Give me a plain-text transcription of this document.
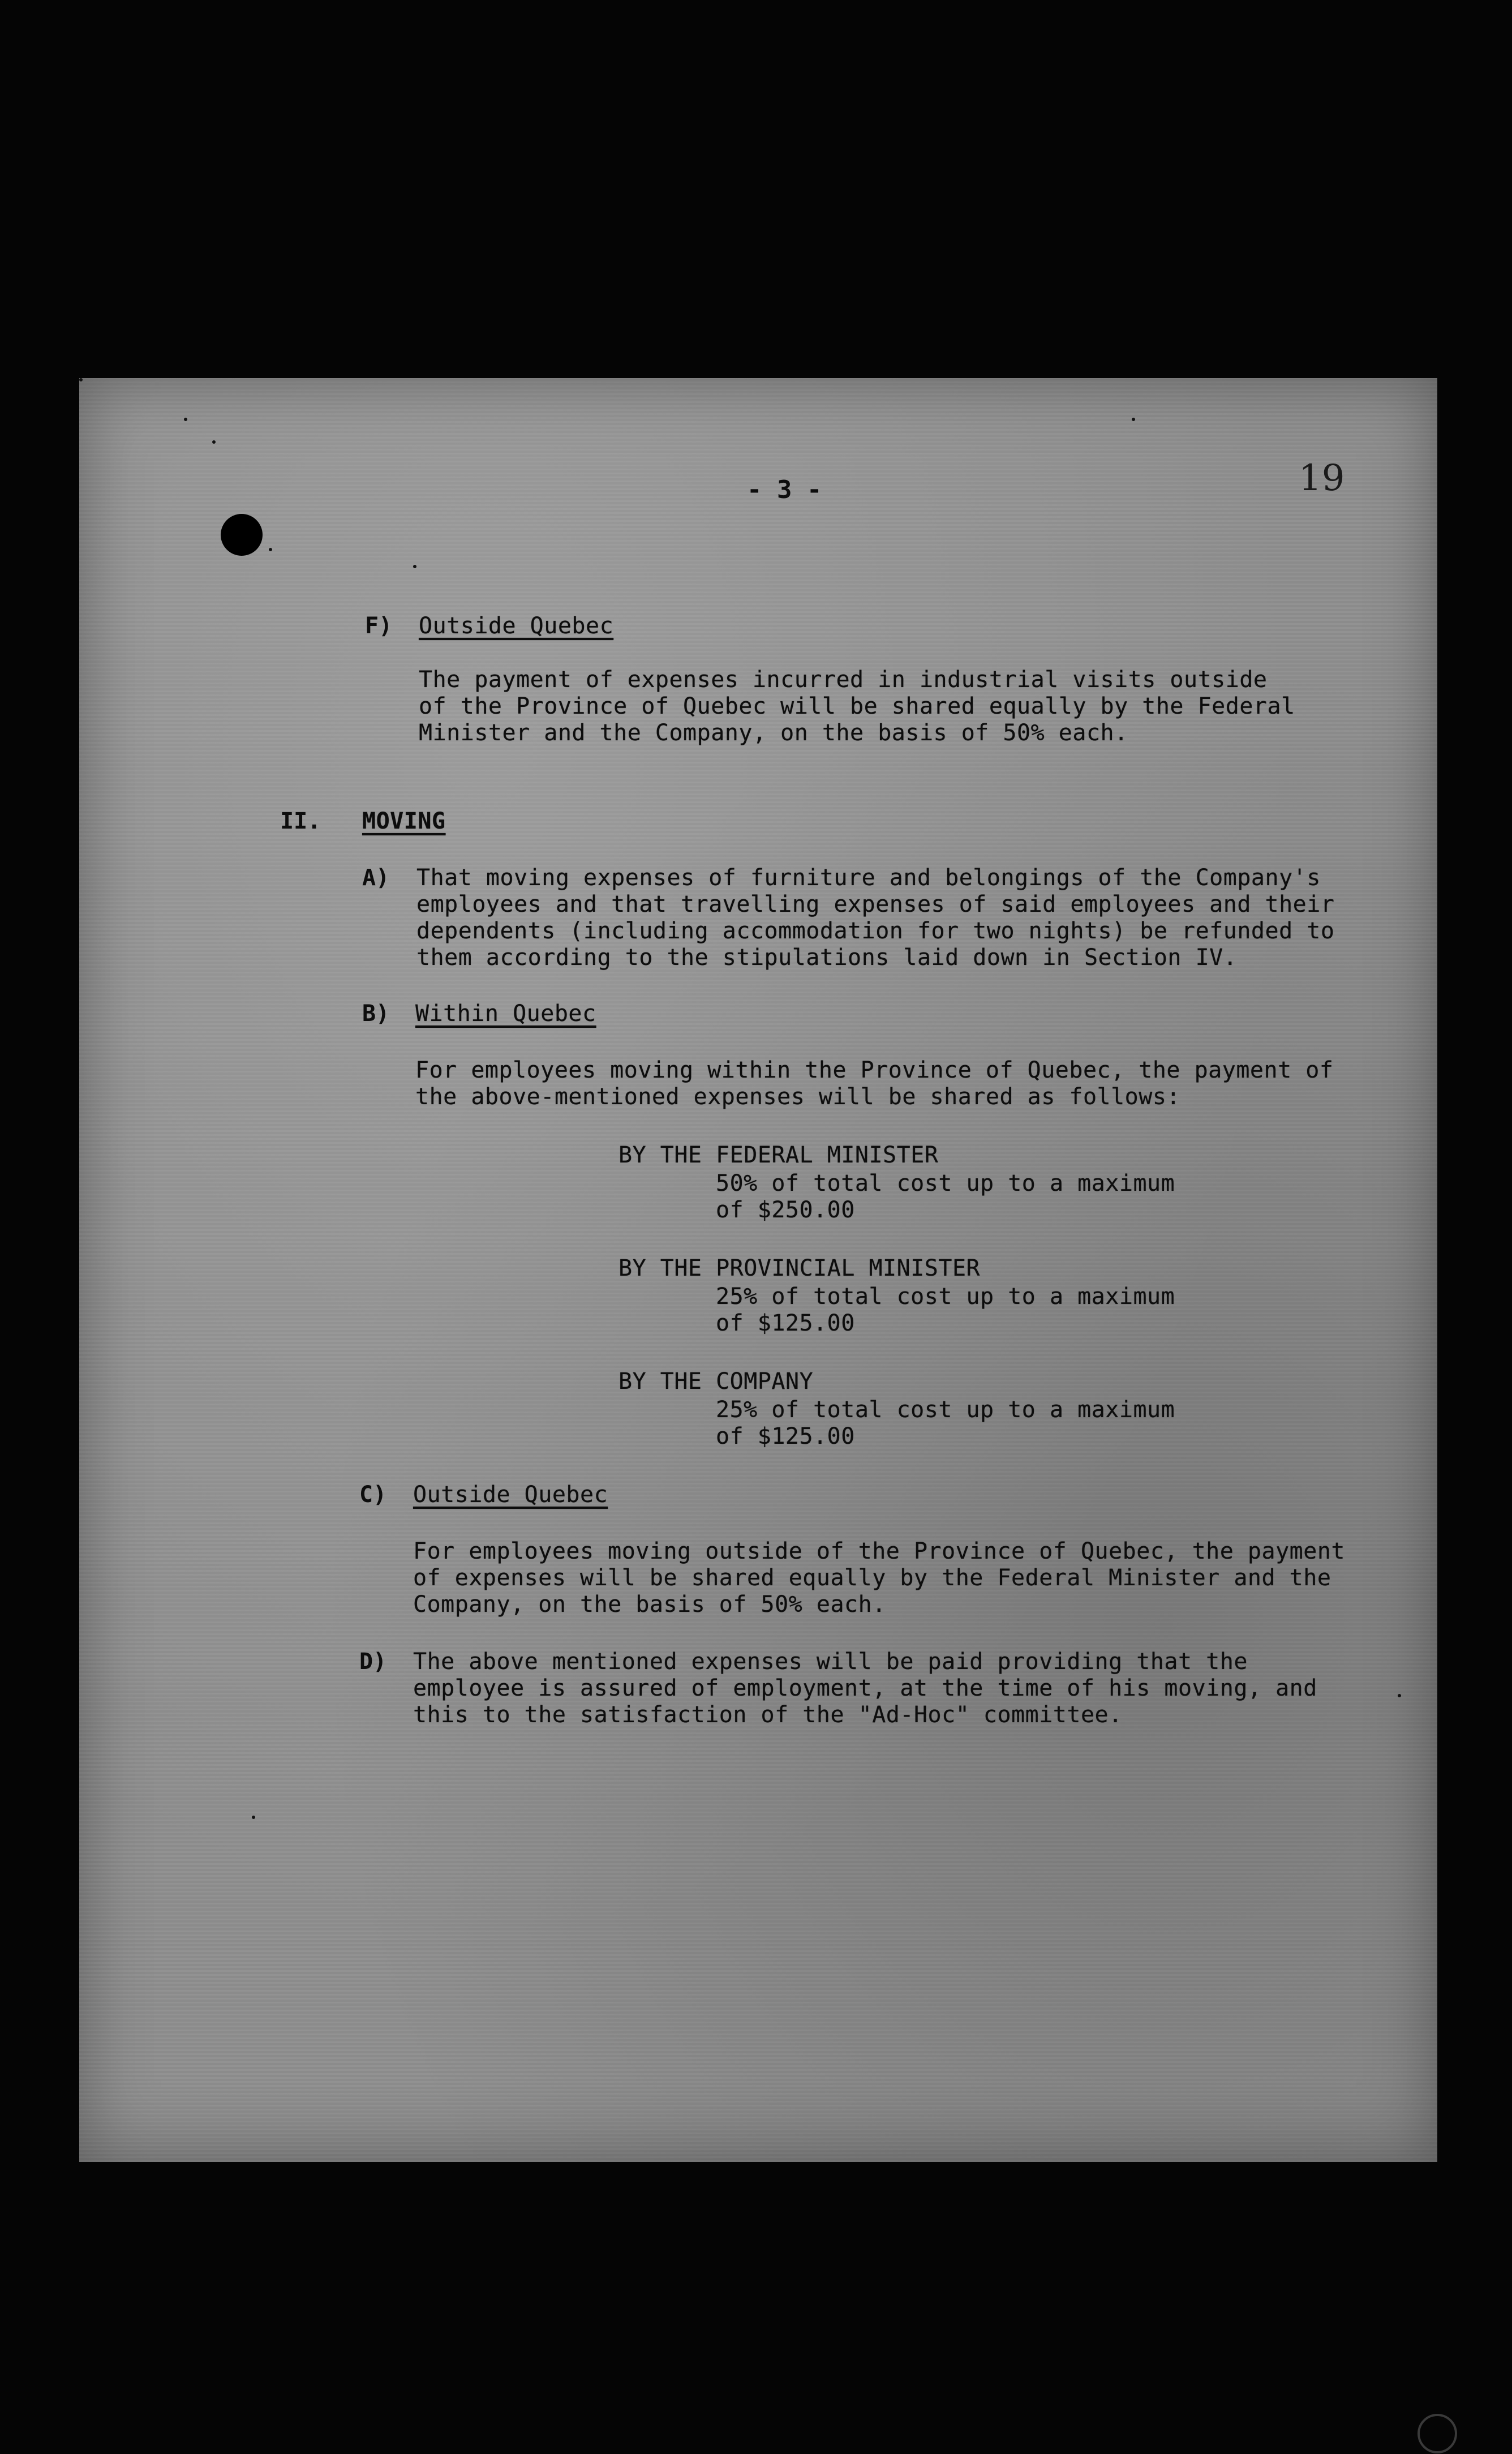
- 3 -	19
F) Outside Quebec
The payment of expenses incurred in industrial visits outside
of the Province of Quebec will be shared equally by the Federal
Minister and the Company, on the basis of 50% each.
II. MOVING
A) That moving expenses of furniture and belongings of the Company's
employees and that travelling expenses of said employees and their
dependents (including accommodation for two nights) be refunded to
them according to the stipulations laid down in Section IV.
B) Within Quebec
For employees moving within the Province of Quebec, the payment of
the above-mentioned expenses will be shared as follows:
BY THE FEDERAL MINISTER
50% of total cost up to a maximum
of $250.00
BY THE PROVINCIAL MINISTER
25% of total cost up to a maximum
of $125.00
BY THE COMPANY
25% of total cost up to a maximum
of $125.00
C) Outside Quebec
For employees moving outside of the Province of Quebec, the payment
of expenses will be shared equally by the Federal Minister and the
Company, on the basis of 50% each.
D) The above mentioned expenses will be paid providing that the
employee is assured of employment, at the time of his moving, and
this to the satisfaction of the "Ad-Hoc" committee.
